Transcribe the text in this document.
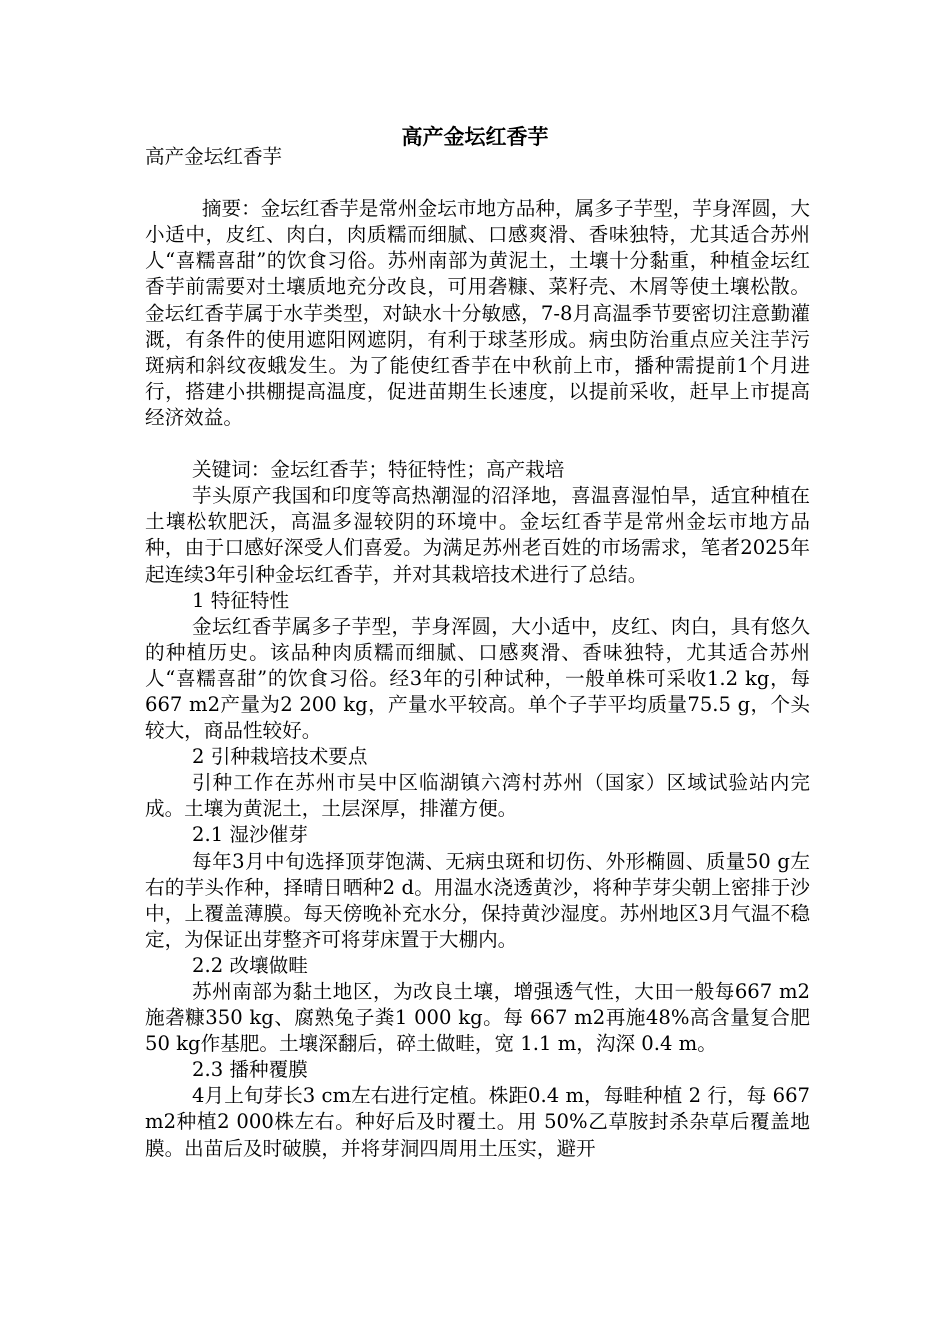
高产金坛红香芋

高产金坛红香芋

摘要：金坛红香芋是常州金坛市地方品种，属多子芋型，芋身浑圆，大小适中，皮红、肉白，肉质糯而细腻、口感爽滑、香味独特，尤其适合苏州人“喜糯喜甜”的饮食习俗。苏州南部为黄泥土，土壤十分黏重，种植金坛红香芋前需要对土壤质地充分改良，可用砻糠、菜籽壳、木屑等使土壤松散。金坛红香芋属于水芋类型，对缺水十分敏感，7-8月高温季节要密切注意勤灌溉，有条件的使用遮阳网遮阴，有利于球茎形成。病虫防治重点应关注芋污斑病和斜纹夜蛾发生。为了能使红香芋在中秋前上市，播种需提前1个月进行，搭建小拱棚提高温度，促进苗期生长速度，以提前采收，赶早上市提高经济效益。

关键词：金坛红香芋；特征特性；高产栽培

芋头原产我国和印度等高热潮湿的沼泽地，喜温喜湿怕旱，适宜种植在土壤松软肥沃，高温多湿较阴的环境中。金坛红香芋是常州金坛市地方品种，由于口感好深受人们喜爱。为满足苏州老百姓的市场需求，笔者2025年起连续3年引种金坛红香芋，并对其栽培技术进行了总结。

1 特征特性

金坛红香芋属多子芋型，芋身浑圆，大小适中，皮红、肉白，具有悠久的种植历史。该品种肉质糯而细腻、口感爽滑、香味独特，尤其适合苏州人“喜糯喜甜”的饮食习俗。经3年的引种试种，一般单株可采收1.2 kg，每667 m2产量为2 200 kg，产量水平较高。单个子芋平均质量75.5 g，个头较大，商品性较好。

2 引种栽培技术要点

引种工作在苏州市吴中区临湖镇六湾村苏州（国家）区域试验站内完成。土壤为黄泥土，土层深厚，排灌方便。

2.1 湿沙催芽

每年3月中旬选择顶芽饱满、无病虫斑和切伤、外形椭圆、质量50 g左右的芋头作种，择晴日晒种2 d。用温水浇透黄沙，将种芋芽尖朝上密排于沙中，上覆盖薄膜。每天傍晚补充水分，保持黄沙湿度。苏州地区3月气温不稳定，为保证出芽整齐可将芽床置于大棚内。

2.2 改壤做畦

苏州南部为黏土地区，为改良土壤，增强透气性，大田一般每667 m2施砻糠350 kg、腐熟兔子粪1 000 kg。每 667 m2再施48%高含量复合肥 50 kg作基肥。土壤深翻后，碎土做畦，宽 1.1 m，沟深 0.4 m。

2.3 播种覆膜

4月上旬芽长3 cm左右进行定植。株距0.4 m，每畦种植 2 行，每 667 m2种植2 000株左右。种好后及时覆土。用 50%乙草胺封杀杂草后覆盖地膜。出苗后及时破膜，并将芽洞四周用土压实，避开
